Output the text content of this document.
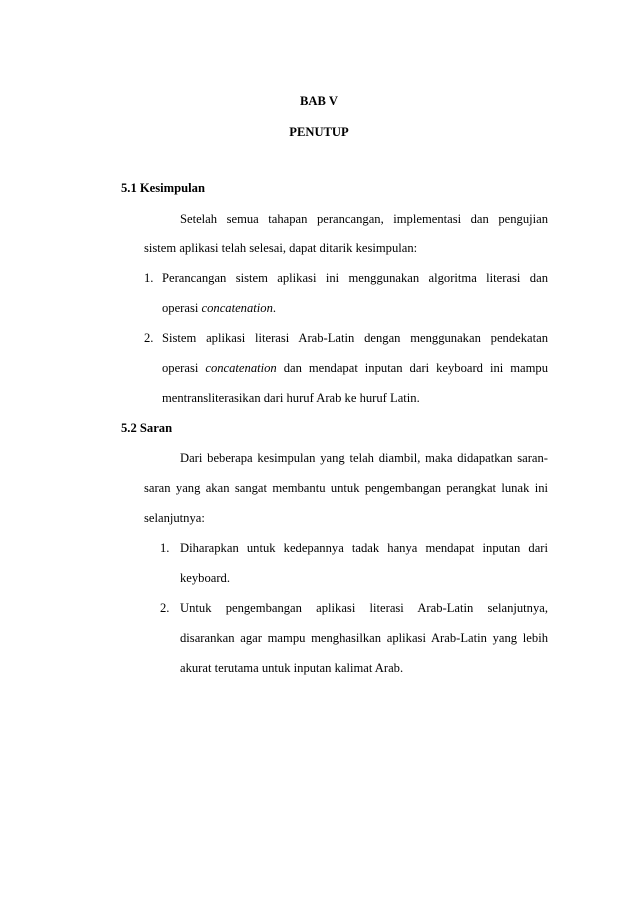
BAB V
PENUTUP
5.1 Kesimpulan
Setelah semua tahapan perancangan, implementasi dan pengujian
sistem aplikasi telah selesai, dapat ditarik kesimpulan:
1. Perancangan sistem aplikasi ini menggunakan algoritma literasi dan
operasi concatenation.
2. Sistem aplikasi literasi Arab-Latin dengan menggunakan pendekatan
operasi concatenation dan mendapat inputan dari keyboard ini mampu
mentransliterasikan dari huruf Arab ke huruf Latin.
5.2 Saran
Dari beberapa kesimpulan yang telah diambil, maka didapatkan saran-
saran yang akan sangat membantu untuk pengembangan perangkat lunak ini
selanjutnya:
1. Diharapkan untuk kedepannya tadak hanya mendapat inputan dari
keyboard.
2. Untuk pengembangan aplikasi literasi Arab-Latin selanjutnya,
disarankan agar mampu menghasilkan aplikasi Arab-Latin yang lebih
akurat terutama untuk inputan kalimat Arab.
